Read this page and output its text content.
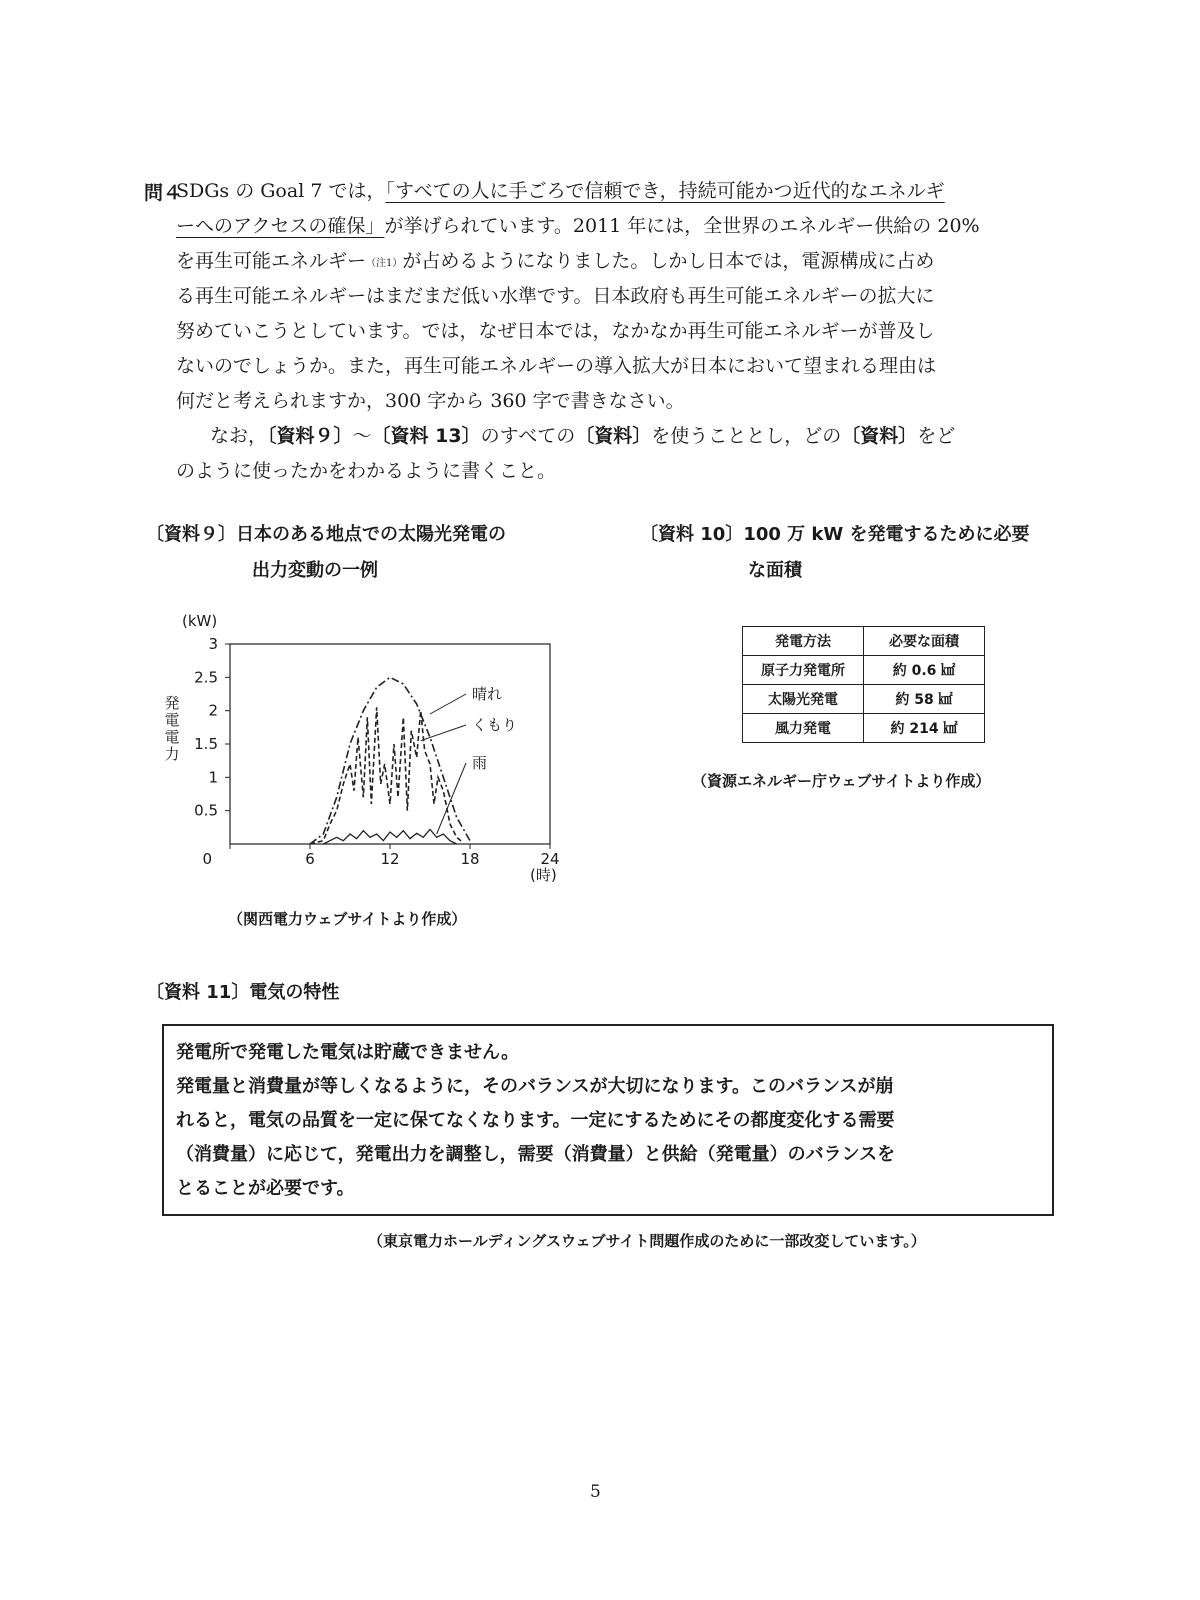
問４
SDGs の Goal 7 では，「すべての人に手ごろで信頼でき，持続可能かつ近代的なエネルギ
ーへのアクセスの確保」が挙げられています。2011 年には，全世界のエネルギー供給の 20%
を再生可能エネルギー（注1）が占めるようになりました。しかし日本では，電源構成に占め
る再生可能エネルギーはまだまだ低い水準です。日本政府も再生可能エネルギーの拡大に
努めていこうとしています。では，なぜ日本では，なかなか再生可能エネルギーが普及し
ないのでしょうか。また，再生可能エネルギーの導入拡大が日本において望まれる理由は
何だと考えられますか，300 字から 360 字で書きなさい。
なお，〔資料９〕～〔資料 13〕のすべての〔資料〕を使うこととし，どの〔資料〕をど
のように使ったかをわかるように書くこと。
〔資料９〕日本のある地点での太陽光発電の
出力変動の一例
〔資料 10〕100 万 kW を発電するために必要
な面積
(kW)
発
電
電
力
0.5
1
1.5
2
2.5
3
0	6	12	18	24
(時)
晴れ
くもり
雨
（関西電力ウェブサイトより作成）
発電方法	必要な面積
原子力発電所	約 0.6 ㎢
太陽光発電	約 58 ㎢
風力発電	約 214 ㎢
（資源エネルギー庁ウェブサイトより作成）
〔資料 11〕電気の特性
発電所で発電した電気は貯蔵できません。
発電量と消費量が等しくなるように，そのバランスが大切になります。このバランスが崩
れると，電気の品質を一定に保てなくなります。一定にするためにその都度変化する需要
（消費量）に応じて，発電出力を調整し，需要（消費量）と供給（発電量）のバランスを
とることが必要です。
（東京電力ホールディングスウェブサイト問題作成のために一部改変しています。）
5
